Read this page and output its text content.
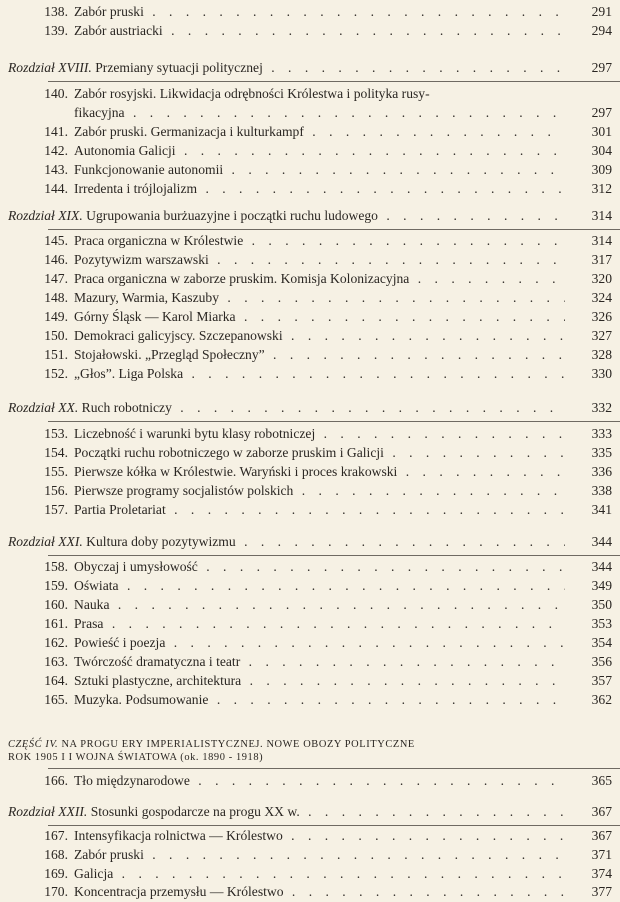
138. Zabór pruski . . .	291
139. Zabór austriacki . . .	294
Rozdział XVIII. Przemiany sytuacji politycznej . . .	297
140. Zabór rosyjski. Likwidacja odrębności Królestwa i polityka rusy-
fikacyjna . . .	297
141. Zabór pruski. Germanizacja i kulturkampf . . .	301
142. Autonomia Galicji . . .	304
143. Funkcjonowanie autonomii . . .	309
144. Irredenta i trójlojalizm . . .	312
Rozdział XIX. Ugrupowania burżuazyjne i początki ruchu ludowego . . .	314
145. Praca organiczna w Królestwie . . .	314
146. Pozytywizm warszawski . . .	317
147. Praca organiczna w zaborze pruskim. Komisja Kolonizacyjna . . .	320
148. Mazury, Warmia, Kaszuby . . .	324
149. Górny Śląsk — Karol Miarka . . .	326
150. Demokraci galicyjscy. Szczepanowski . . .	327
151. Stojałowski. „Przegląd Społeczny” . . .	328
152. „Głos”. Liga Polska . . .	330
Rozdział XX. Ruch robotniczy . . .	332
153. Liczebność i warunki bytu klasy robotniczej . . .	333
154. Początki ruchu robotniczego w zaborze pruskim i Galicji . . .	335
155. Pierwsze kółka w Królestwie. Waryński i proces krakowski . . .	336
156. Pierwsze programy socjalistów polskich . . .	338
157. Partia Proletariat . . .	341
Rozdział XXI. Kultura doby pozytywizmu . . .	344
158. Obyczaj i umysłowość . . .	344
159. Oświata . . .	349
160. Nauka . . .	350
161. Prasa . . .	353
162. Powieść i poezja . . .	354
163. Twórczość dramatyczna i teatr . . .	356
164. Sztuki plastyczne, architektura . . .	357
165. Muzyka. Podsumowanie . . .	362
CZĘŚĆ IV. NA PROGU ERY IMPERIALISTYCZNEJ. NOWE OBOZY POLITYCZNE
ROK 1905 I I WOJNA ŚWIATOWA (ok. 1890 - 1918)
166. Tło międzynarodowe . . .	365
Rozdział XXII. Stosunki gospodarcze na progu XX w. . . .	367
167. Intensyfikacja rolnictwa — Królestwo . . .	367
168. Zabór pruski . . .	371
169. Galicja . . .	374
170. Koncentracja przemysłu — Królestwo . . .	377
